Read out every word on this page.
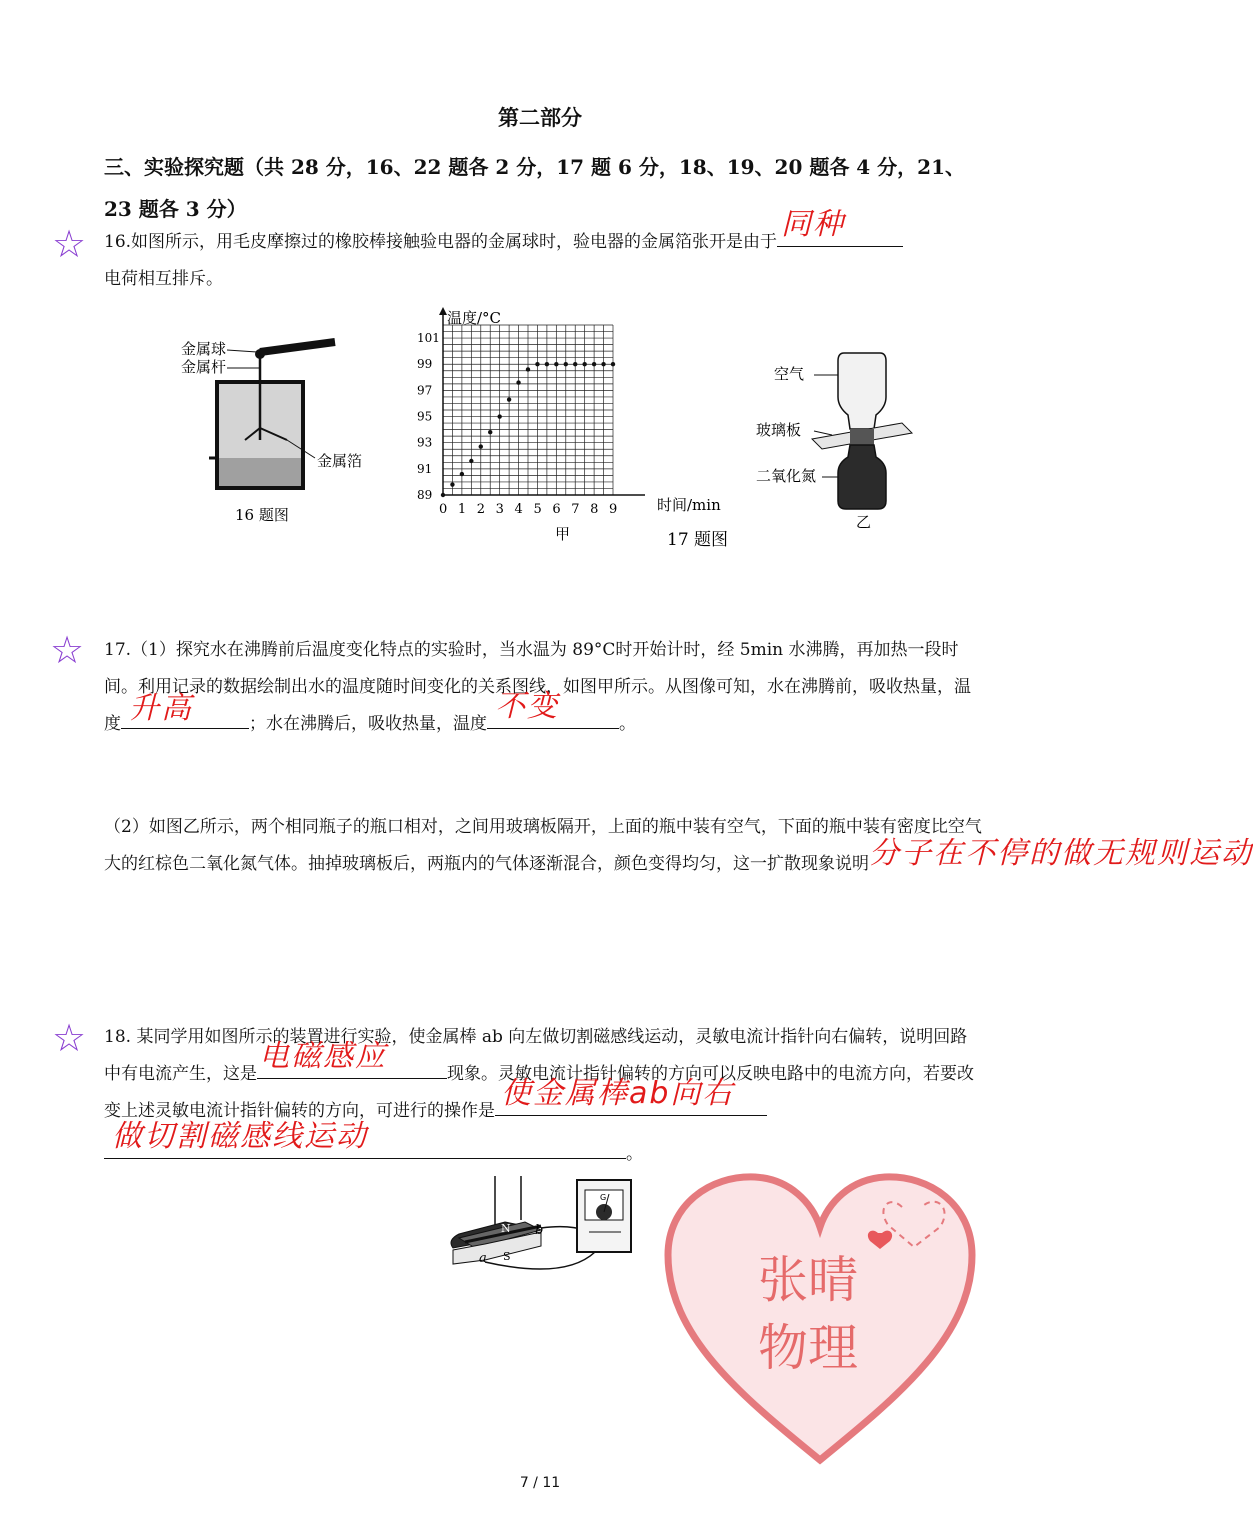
第二部分
三、实验探究题（共 28 分，16、22 题各 2 分，17 题 6 分，18、19、20 题各 4 分，21、23 题各 3 分）
☆
☆
☆
16.如图所示，用毛皮摩擦过的橡胶棒接触验电器的金属球时，验电器的金属箔张开是由于 同种

电荷相互排斥。
金属球
金属杆
金属箔
16 题图	0 1 2 3 4 5 6 7 8 9
89
91
93
95
97
99
101
温度/°C
时间/min
甲	17 题图
空气
玻璃板
二氧化氮
乙
17.（1）探究水在沸腾前后温度变化特点的实验时，当水温为 89°C时开始计时，经 5min 水沸腾，再加热一段时间。利用记录的数据绘制出水的温度随时间变化的关系图线，如图甲所示。从图像可知，水在沸腾前，吸收热量，温度 升高	；水在沸腾后，吸收热量，温度 不变	。
（2）如图乙所示，两个相同瓶子的瓶口相对，之间用玻璃板隔开，上面的瓶中装有空气，下面的瓶中装有密度比空气大的红棕色二氧化氮气体。抽掉玻璃板后，两瓶内的气体逐渐混合，颜色变得均匀，这一扩散现象说明 分子在不停的做无规则运动
18. 某同学用如图所示的装置进行实验，使金属棒 ab 向左做切割磁感线运动，灵敏电流计指针向右偏转，说明回路中有电流产生，这是 电磁感应	现象。灵敏电流计指针偏转的方向可以反映电路中的电流方向，若要改变上述灵敏电流计指针偏转的方向，可进行的操作是 使金属棒ab向右

做切割磁感线运动	。
N
S
a
b
G
张晴
物理
7 / 11
